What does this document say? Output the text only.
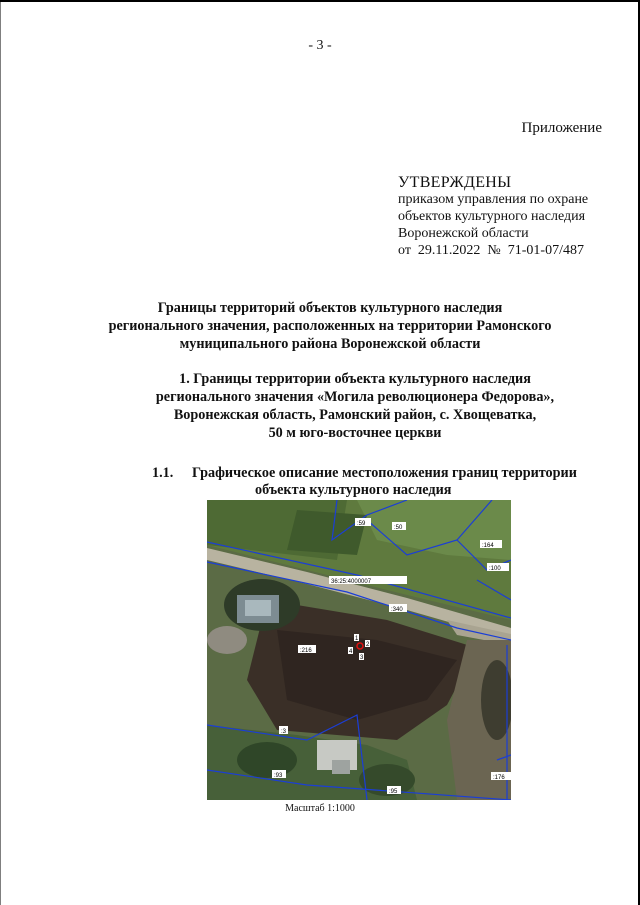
- 3 -
Приложение
УТВЕРЖДЕНЫ
приказом управления по охране
объектов культурного наследия
Воронежской области
от  29.11.2022  №  71-01-07/487
Границы территорий объектов культурного наследия
регионального значения, расположенных на территории Рамонского
муниципального района Воронежской области
1. Границы территории объекта культурного наследия
регионального значения «Могила революционера Федорова»,
Воронежская область, Рамонский район, с. Хвощеватка,
50 м юго-восточнее церкви
1.1. Графическое описание местоположения границ территории
объекта культурного наследия
:59
:50
:164
:100
36:25:4000007
:340
:216
:3
:93	:176
:95
1
2
4
3
Масштаб 1:1000
